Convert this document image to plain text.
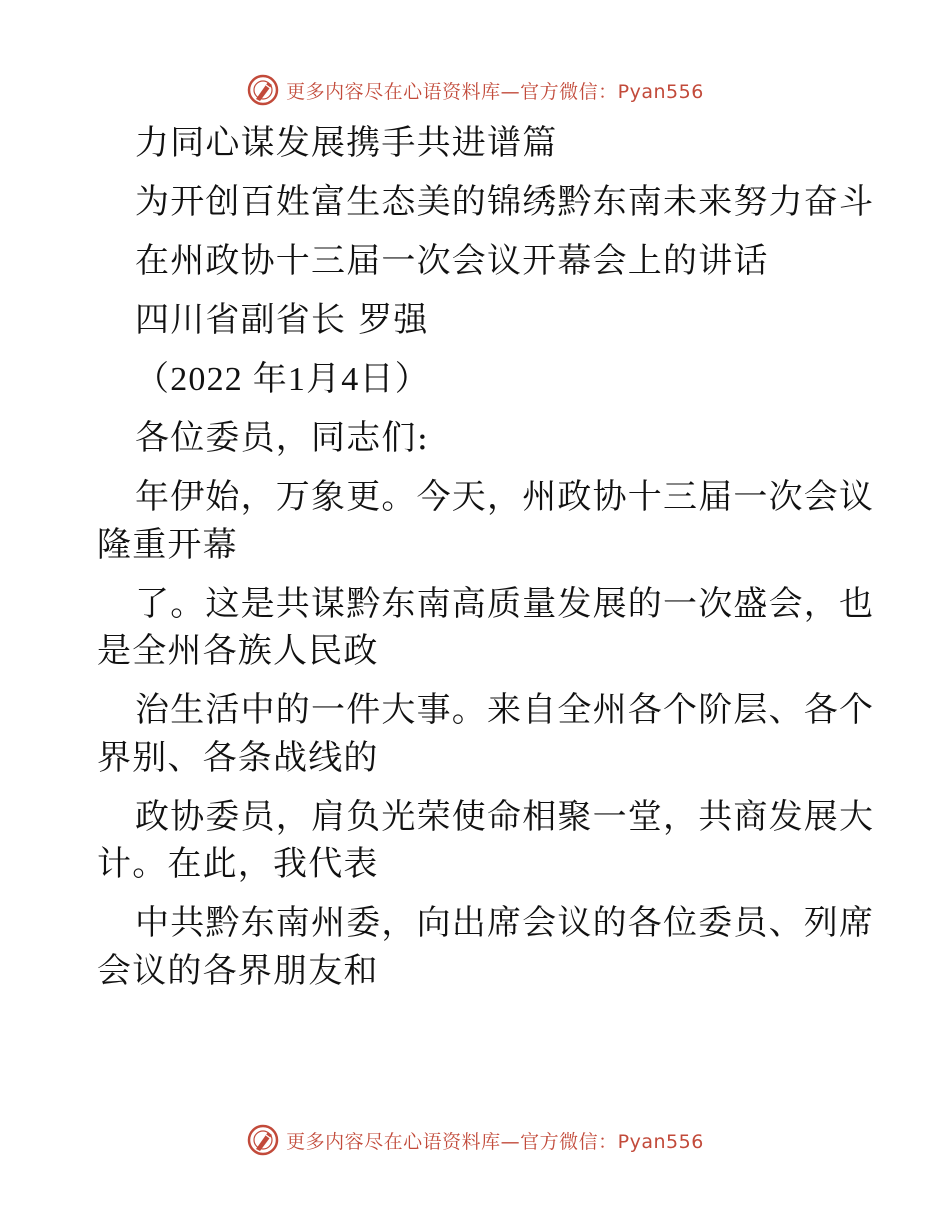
更多内容尽在心语资料库—官方微信：Pyan556
力同心谋发展携手共进谱篇
为开创百姓富生态美的锦绣黔东南未来努力奋斗
在州政协十三届一次会议开幕会上的讲话
四川省副省长 罗强
（2022 年1月4日）
各位委员，同志们:
年伊始，万象更。今天，州政协十三届一次会议
隆重开幕
了。这是共谋黔东南高质量发展的一次盛会，也
是全州各族人民政
治生活中的一件大事。来自全州各个阶层、各个
界别、各条战线的
政协委员，肩负光荣使命相聚一堂，共商发展大
计。在此，我代表
中共黔东南州委，向出席会议的各位委员、列席
会议的各界朋友和
更多内容尽在心语资料库—官方微信：Pyan556
